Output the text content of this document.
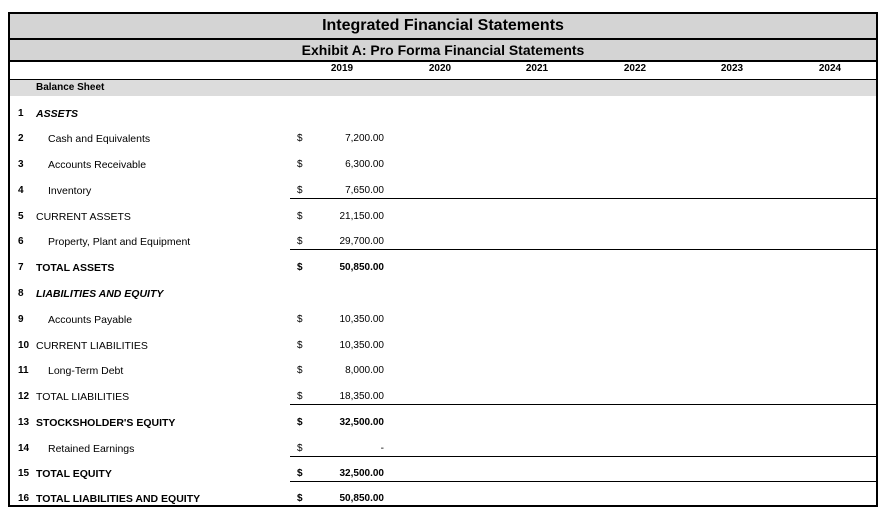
Integrated Financial Statements
Exhibit A: Pro Forma Financial Statements
2019	2020	2021	2022	2023	2024
Balance Sheet
1 ASSETS
2 Cash and Equivalents	$	7,200.00
3 Accounts Receivable	$	6,300.00
4 Inventory	$	7,650.00
5 CURRENT ASSETS	$	21,150.00
6 Property, Plant and Equipment	$	29,700.00
7 TOTAL ASSETS	$	50,850.00
8 LIABILITIES AND EQUITY
9 Accounts Payable	$	10,350.00
10 CURRENT LIABILITIES	$	10,350.00
11 Long-Term Debt	$	8,000.00
12 TOTAL LIABILITIES	$	18,350.00
13 STOCKSHOLDER'S EQUITY	$	32,500.00
14 Retained Earnings	$	-
15 TOTAL EQUITY	$	32,500.00
16 TOTAL LIABILITIES AND EQUITY	$	50,850.00
